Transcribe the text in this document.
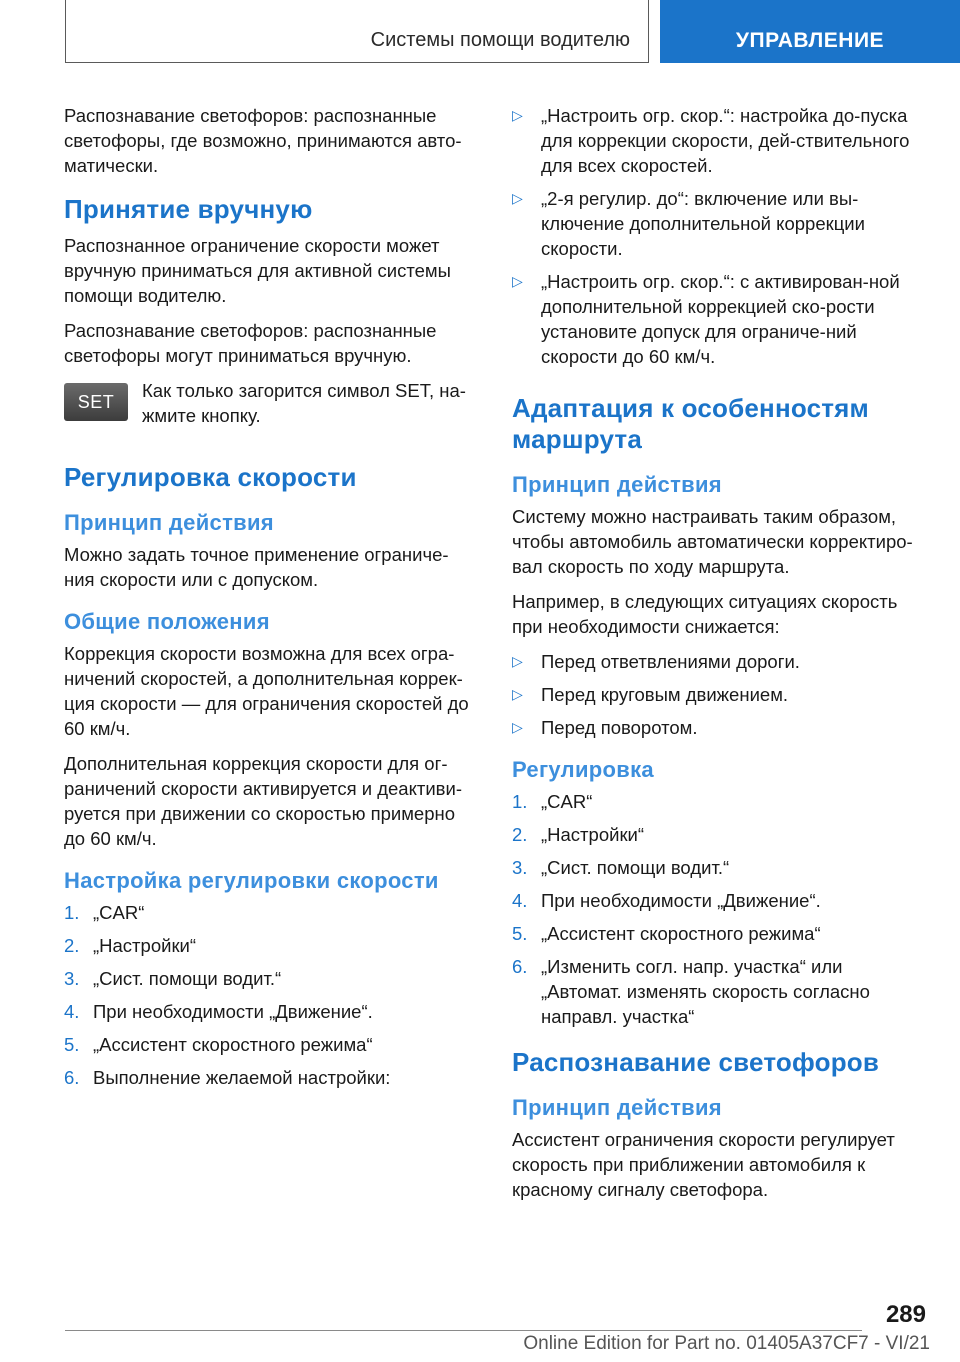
Системы помощи водителю	УПРАВЛЕНИЕ

Распознавание светофоров: распознанные светофоры, где возможно, принимаются авто-матически.

Принятие вручную

Распознанное ограничение скорости может вручную приниматься для активной системы помощи водителю.

Распознавание светофоров: распознанные светофоры могут приниматься вручную.

SET

Как только загорится символ SET, на-жмите кнопку.

Регулировка скорости
Принцип действия

Можно задать точное применение ограниче-ния скорости или с допуском.

Общие положения

Коррекция скорости возможна для всех огра-ничений скоростей, а дополнительная коррек-ция скорости — для ограничения скоростей до 60 км/ч.

Дополнительная коррекция скорости для ог-раничений скорости активируется и деактиви-руется при движении со скоростью примерно до 60 км/ч.

Настройка регулировки скорости
1. „CAR“
2. „Настройки“
3. „Сист. помощи водит.“
4. При необходимости „Движение“.
5. „Ассистент скоростного режима“
6. Выполнение желаемой настройки:
▷ „Настроить огр. скор.“: настройка до-пуска для коррекции скорости, дей-ствительного для всех скоростей.
▷ „2-я регулир. до“: включение или вы-ключение дополнительной коррекции скорости.
▷ „Настроить огр. скор.“: с активирован-ной дополнительной коррекцией ско-рости установите допуск для ограниче-ний скорости до 60 км/ч.
Адаптация к особенностям маршрута
Принцип действия

Систему можно настраивать таким образом, чтобы автомобиль автоматически корректиро-вал скорость по ходу маршрута.

Например, в следующих ситуациях скорость при необходимости снижается:

▷ Перед ответвлениями дороги.
▷ Перед круговым движением.
▷ Перед поворотом.
Регулировка
1. „CAR“
2. „Настройки“
3. „Сист. помощи водит.“
4. При необходимости „Движение“.
5. „Ассистент скоростного режима“
6. „Изменить согл. напр. участка“ или „Автомат. изменять скорость согласно направл. участка“
Распознавание светофоров
Принцип действия

Ассистент ограничения скорости регулирует скорость при приближении автомобиля к красному сигналу светофора.

289
Online Edition for Part no. 01405A37CF7 - VI/21
